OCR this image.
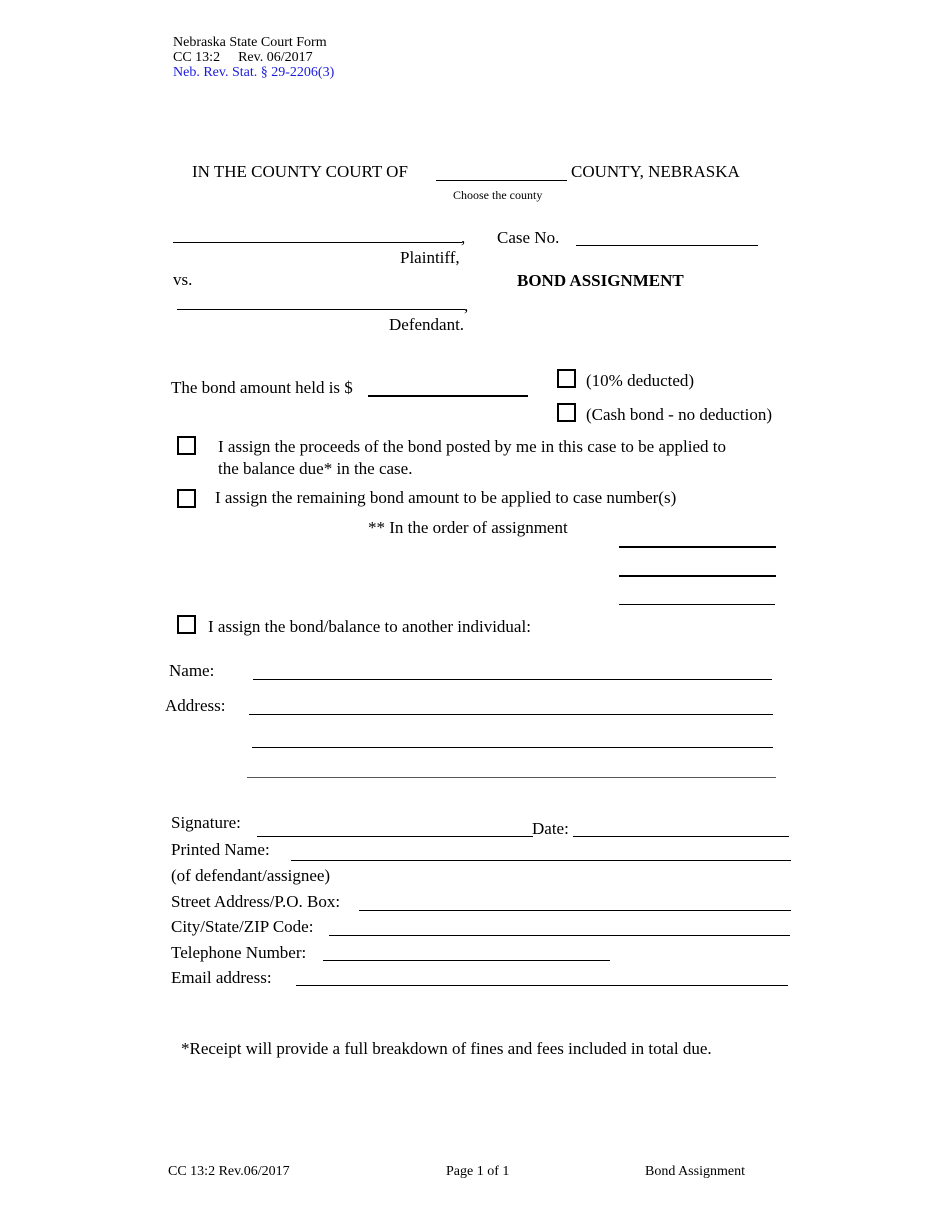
Nebraska State Court Form
CC 13:2 Rev. 06/2017
Neb. Rev. Stat. § 29-2206(3)
IN THE COUNTY COURT OF	COUNTY, NEBRASKA
Choose the county
,
Plaintiff,
vs.
,
Defendant.
Case No.
BOND ASSIGNMENT
The bond amount held is $	(10% deducted)
(Cash bond - no deduction)
I assign the proceeds of the bond posted by me in this case to be applied to
the balance due* in the case.
I assign the remaining bond amount to be applied to case number(s)
** In the order of assignment
I assign the bond/balance to another individual:
Name:
Address:
Signature:	Date:
Printed Name:
(of defendant/assignee)
Street Address/P.O. Box:
City/State/ZIP Code:
Telephone Number:
Email address:
*Receipt will provide a full breakdown of fines and fees included in total due.
CC 13:2 Rev.06/2017	Page 1 of 1	Bond Assignment
